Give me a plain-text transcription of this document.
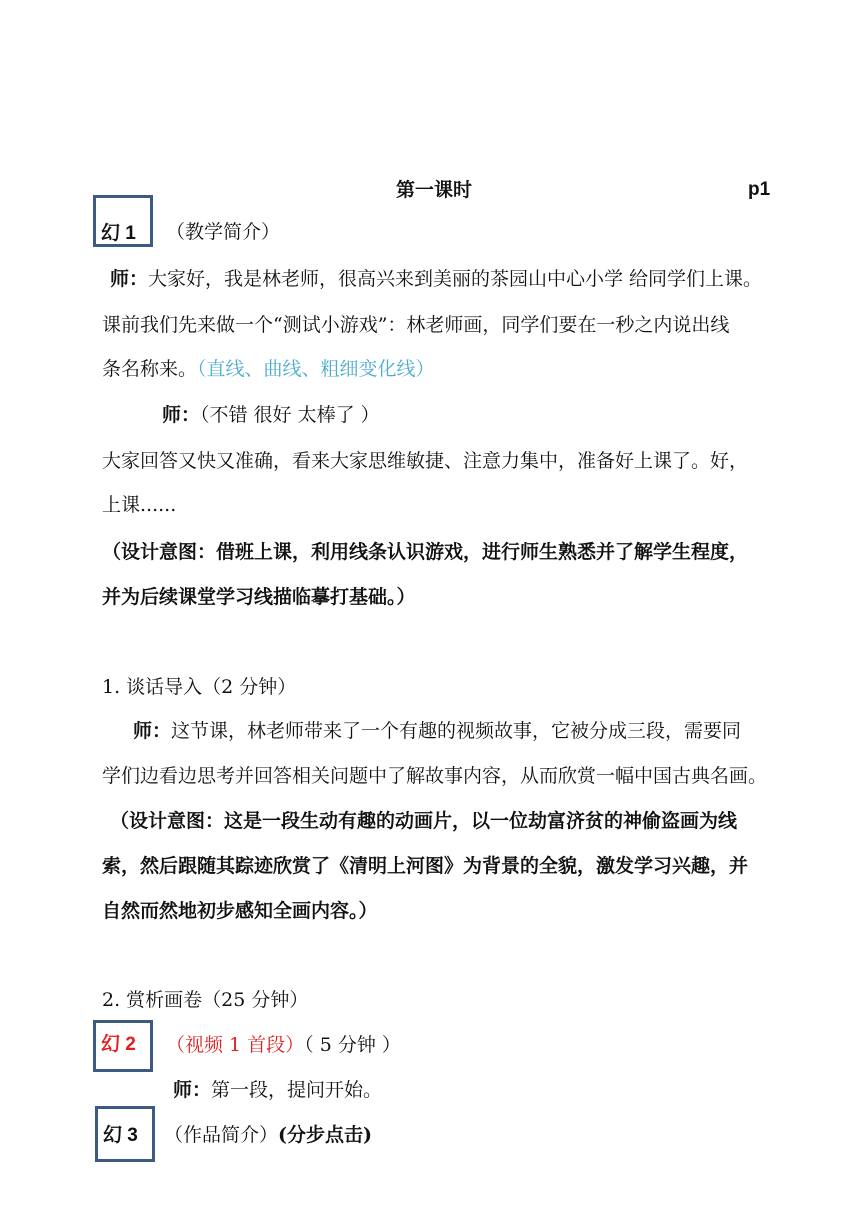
第一课时	p1
幻 1 （教学简介）
师：大家好，我是林老师，很高兴来到美丽的茶园山中心小学 给同学们上课。
课前我们先来做一个“测试小游戏”：林老师画，同学们要在一秒之内说出线
条名称来。（直线、曲线、粗细变化线）
师：（不错 很好 太棒了 ）
大家回答又快又准确，看来大家思维敏捷、注意力集中，准备好上课了。好，
上课......
（设计意图：借班上课，利用线条认识游戏，进行师生熟悉并了解学生程度，
并为后续课堂学习线描临摹打基础。）
1. 谈话导入（2 分钟）
师：这节课，林老师带来了一个有趣的视频故事，它被分成三段，需要同
学们边看边思考并回答相关问题中了解故事内容，从而欣赏一幅中国古典名画。
（设计意图：这是一段生动有趣的动画片，以一位劫富济贫的神偷盗画为线
索，然后跟随其踪迹欣赏了《清明上河图》为背景的全貌，激发学习兴趣，并
自然而然地初步感知全画内容。）
2. 赏析画卷（25 分钟）
幻 2 （视频 1 首段）（ 5 分钟 ）
师：第一段，提问开始。
幻 3 （作品简介）(分步点击)
